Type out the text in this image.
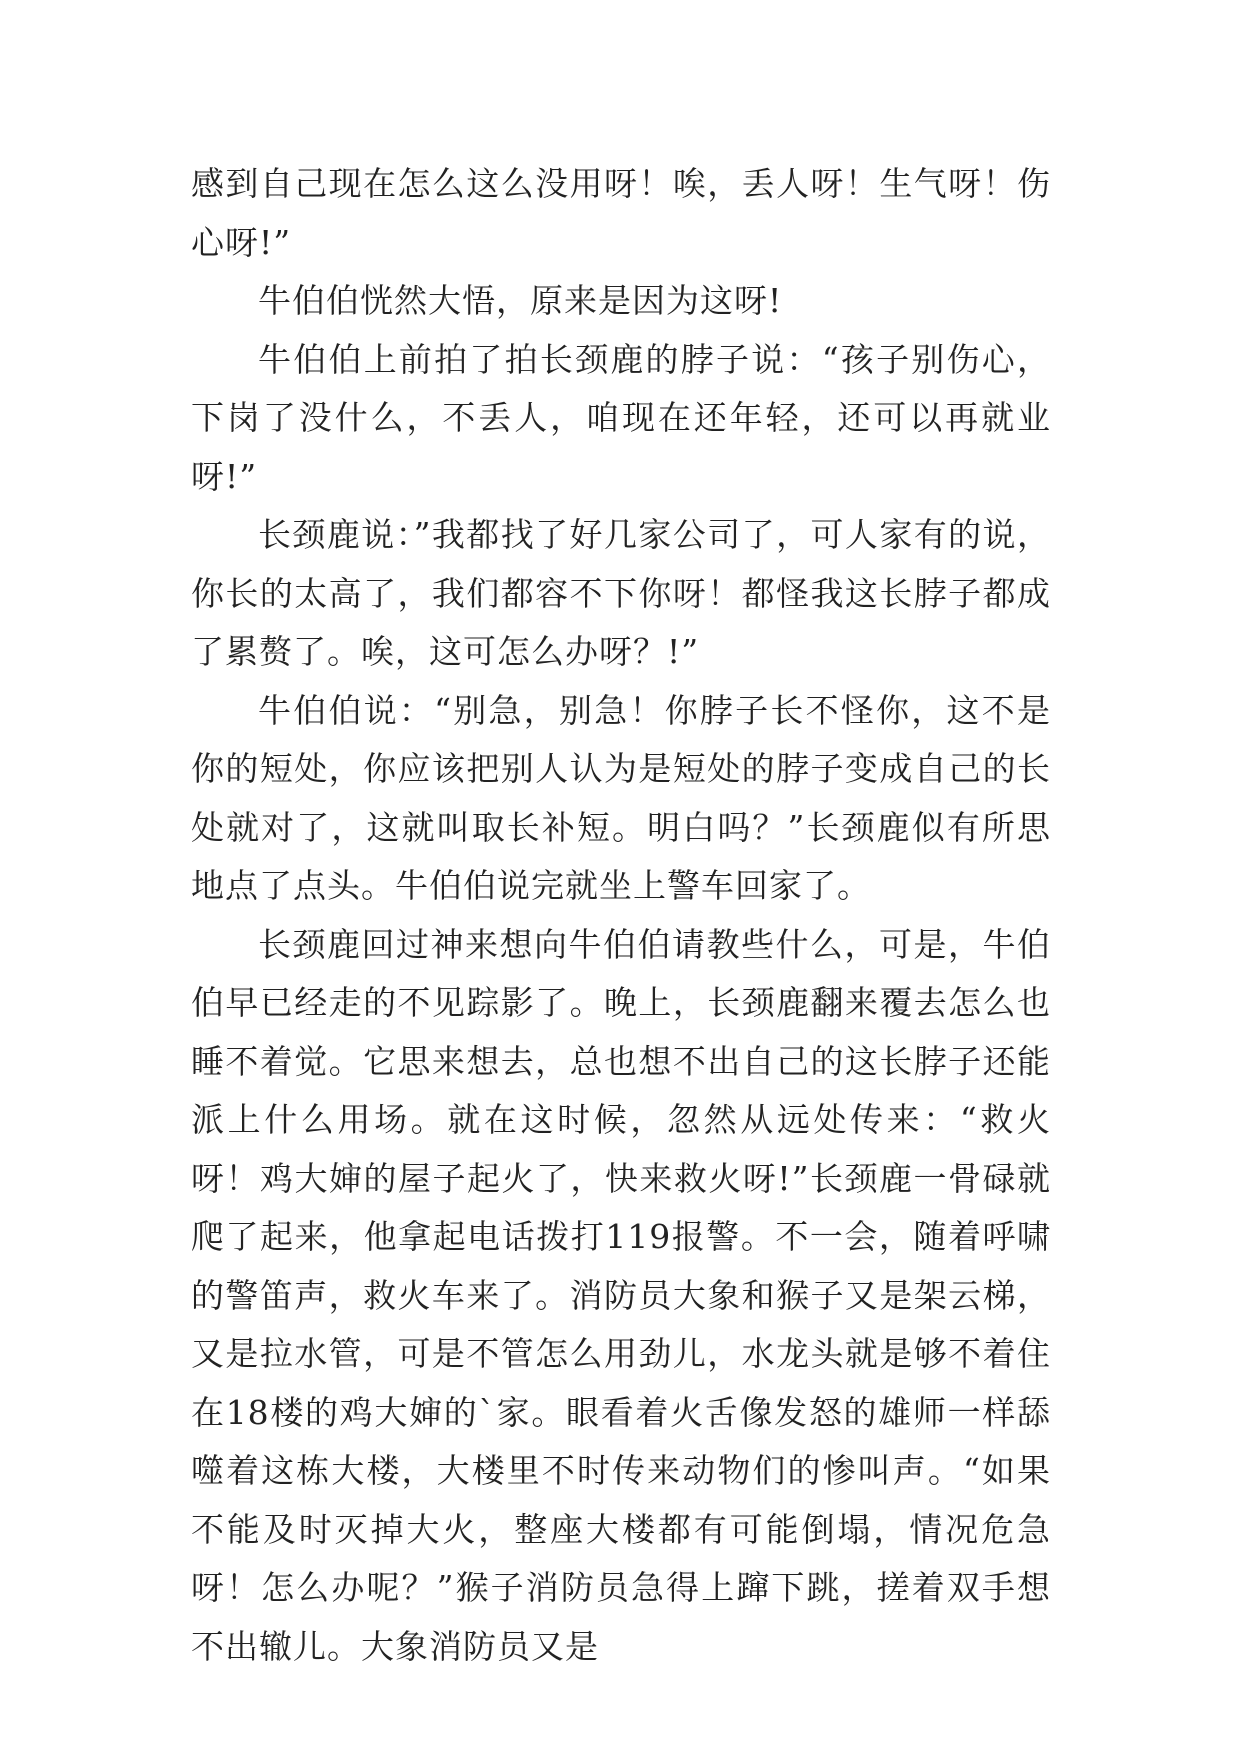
感到自己现在怎么这么没用呀！唉，丢人呀！生气呀！伤心呀!”

牛伯伯恍然大悟，原来是因为这呀!

牛伯伯上前拍了拍长颈鹿的脖子说：“孩子别伤心，下岗了没什么，不丢人，咱现在还年轻，还可以再就业呀!”

长颈鹿说：”我都找了好几家公司了，可人家有的说，你长的太高了，我们都容不下你呀！都怪我这长脖子都成了累赘了。唉，这可怎么办呀？!”

牛伯伯说：“别急，别急！你脖子长不怪你，这不是你的短处，你应该把别人认为是短处的脖子变成自己的长处就对了，这就叫取长补短。明白吗？”长颈鹿似有所思地点了点头。牛伯伯说完就坐上警车回家了。

长颈鹿回过神来想向牛伯伯请教些什么，可是，牛伯伯早已经走的不见踪影了。晚上，长颈鹿翻来覆去怎么也睡不着觉。它思来想去，总也想不出自己的这长脖子还能派上什么用场。就在这时候，忽然从远处传来：“救火呀！鸡大婶的屋子起火了，快来救火呀!”长颈鹿一骨碌就爬了起来，他拿起电话拨打119报警。不一会，随着呼啸的警笛声，救火车来了。消防员大象和猴子又是架云梯，又是拉水管，可是不管怎么用劲儿，水龙头就是够不着住在18楼的鸡大婶的`家。眼看着火舌像发怒的雄师一样舔噬着这栋大楼，大楼里不时传来动物们的惨叫声。“如果不能及时灭掉大火，整座大楼都有可能倒塌，情况危急呀！怎么办呢？”猴子消防员急得上蹿下跳，搓着双手想不出辙儿。大象消防员又是
